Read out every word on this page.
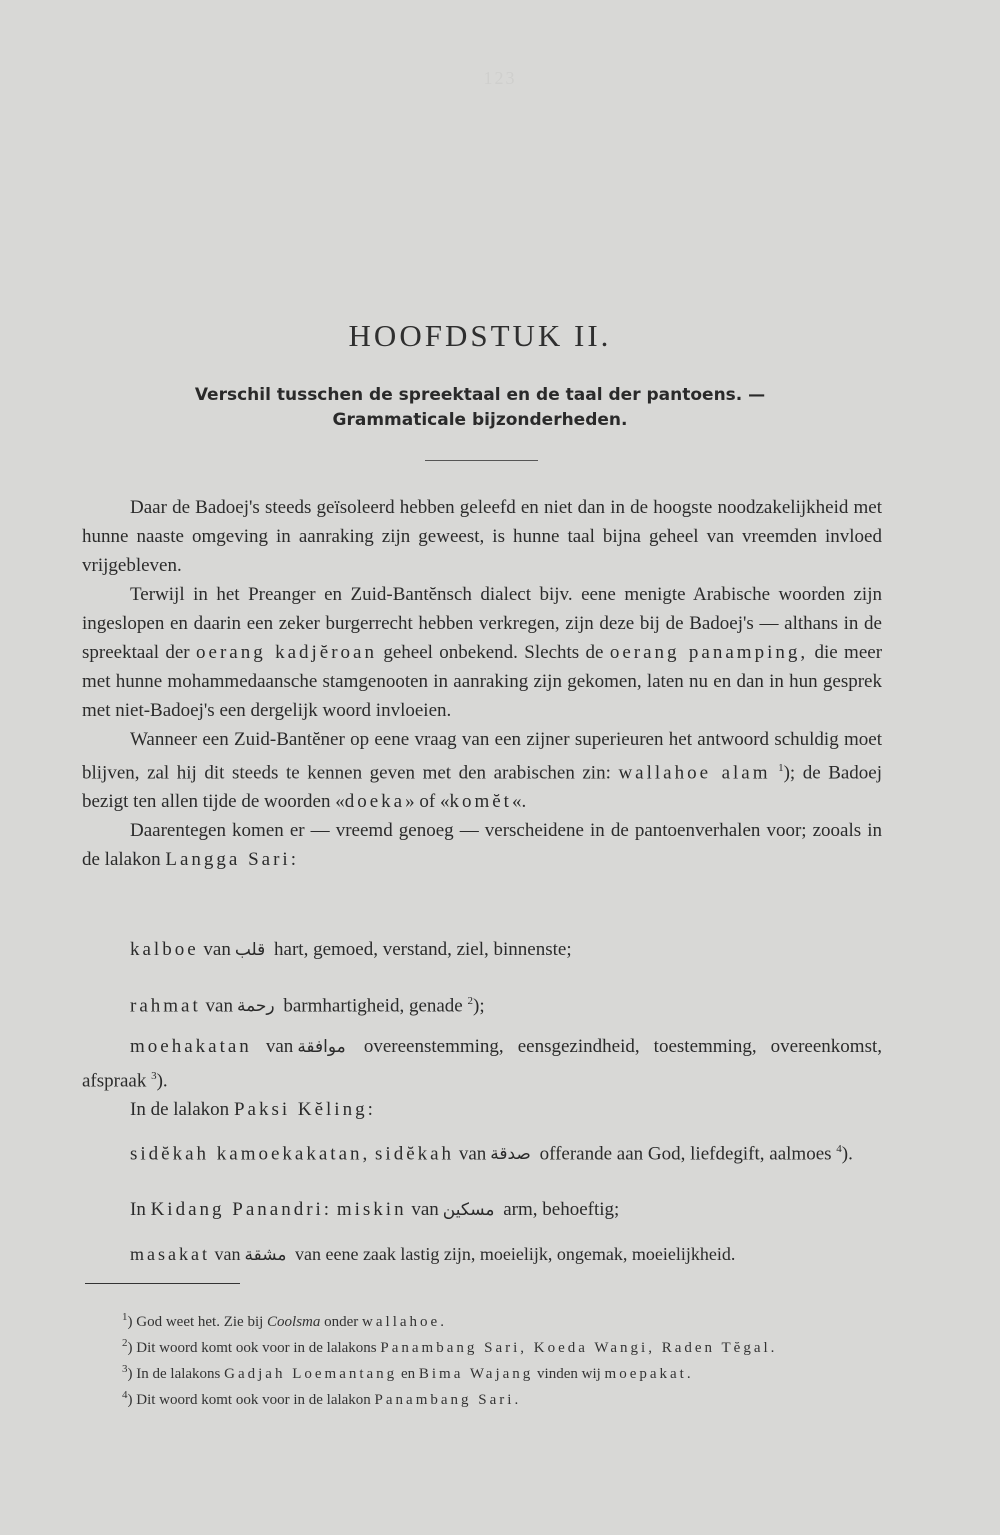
123
HOOFDSTUK II.
Verschil tusschen de spreektaal en de taal der pantoens. —
Grammaticale bijzonderheden.

Daar de Badoej's steeds geïsoleerd hebben geleefd en niet dan in de hoogste noodzakelijkheid met hunne naaste omgeving in aanraking zijn geweest, is hunne taal bijna geheel van vreemden invloed vrijgebleven.

Terwijl in het Preanger en Zuid-Bantĕnsch dialect bijv. eene menigte Arabische woorden zijn ingeslopen en daarin een zeker burgerrecht hebben verkregen, zijn deze bij de Badoej's — althans in de spreektaal der oerang kadjĕroan geheel onbekend. Slechts de oerang panamping, die meer met hunne mohammedaansche stamgenooten in aanraking zijn gekomen, laten nu en dan in hun gesprek met niet-Badoej's een dergelijk woord invloeien.

Wanneer een Zuid-Bantĕner op eene vraag van een zijner superieuren het antwoord schuldig moet blijven, zal hij dit steeds te kennen geven met den arabischen zin: wallahoe alam $^1$); de Badoej bezigt ten allen tijde de woorden «doeka» of «komĕt«.

Daarentegen komen er — vreemd genoeg — verscheidene in de pantoenverhalen voor; zooals in de lalakon Langga Sari:

kalboe van قلب hart, gemoed, verstand, ziel, binnenste;
rahmat van رحمة barmhartigheid, genade $^2$);
moehakatan van موافقة overeenstemming, eensgezindheid, toestemming, overeenkomst, afspraak $^3$).
In de lalakon Paksi Kĕling:
sidĕkah kamoekakatan, sidĕkah van صدقة offerande aan God, liefdegift, aalmoes $^4$).
In Kidang Panandri: miskin van مسكين arm, behoeftig;
masakat van مشقة van eene zaak lastig zijn, moeielijk, ongemak, moeielijkheid.

$^1$) God weet het. Zie bij Coolsma onder wallahoe.

$^2$) Dit woord komt ook voor in de lalakons Panambang Sari, Koeda Wangi, Raden Tĕgal.

$^3$) In de lalakons Gadjah Loemantang en Bima Wajang vinden wij moepakat.

$^4$) Dit woord komt ook voor in de lalakon Panambang Sari.
